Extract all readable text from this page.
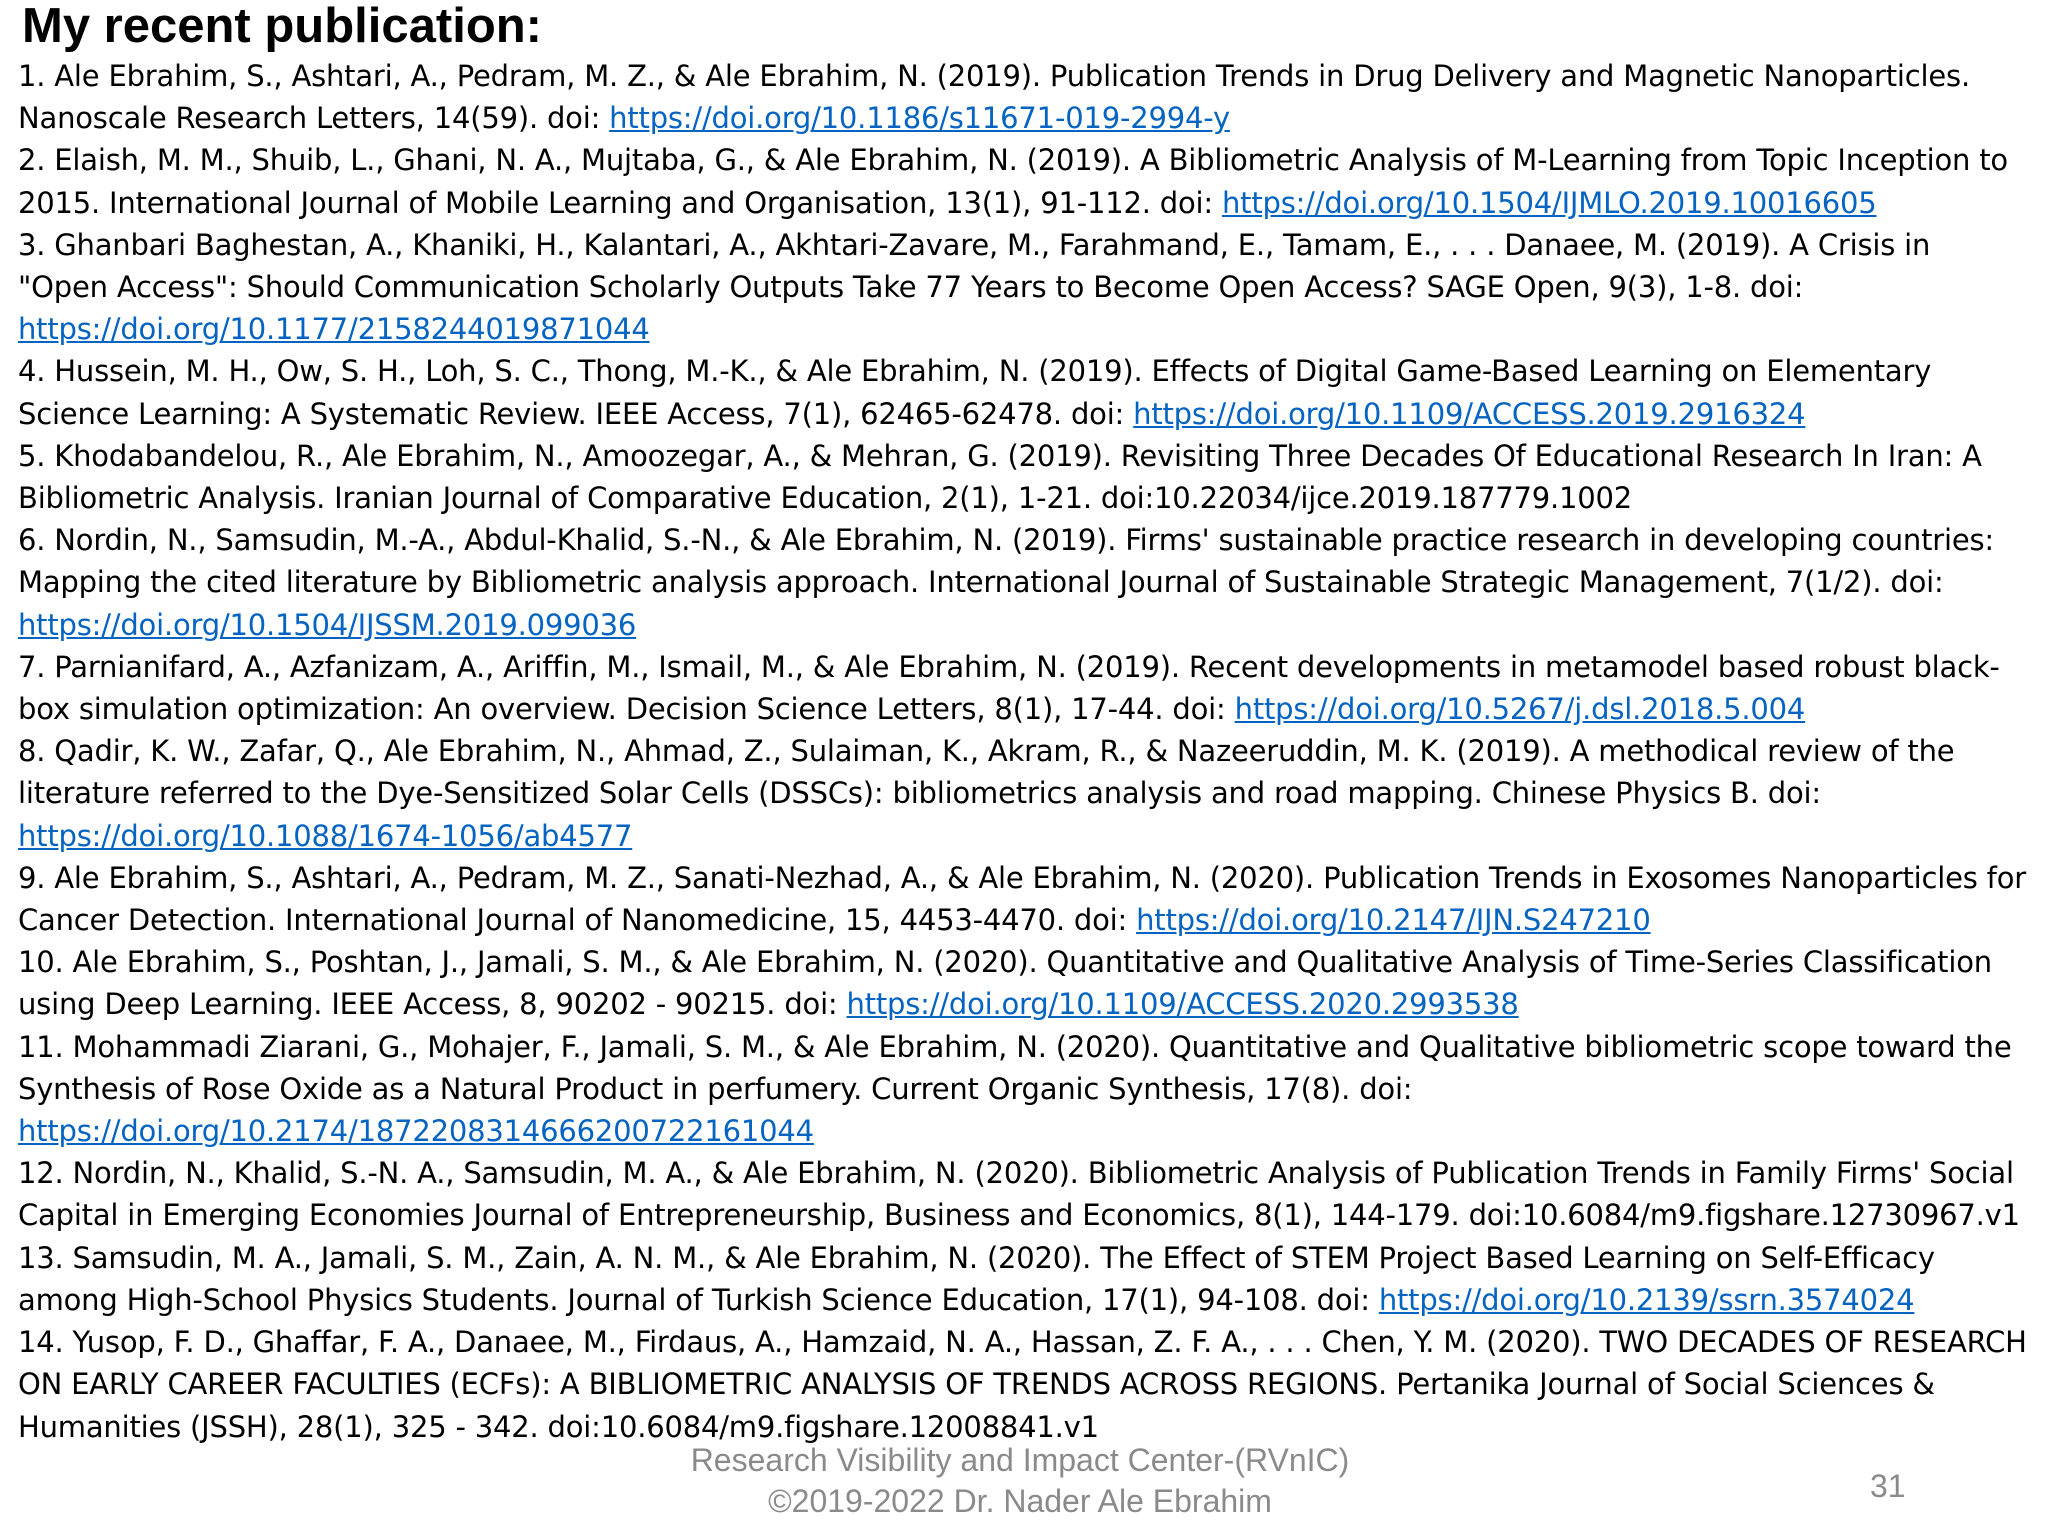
My recent publication:
1. Ale Ebrahim, S., Ashtari, A., Pedram, M. Z., & Ale Ebrahim, N. (2019). Publication Trends in Drug Delivery and Magnetic Nanoparticles. Nanoscale Research Letters, 14(59). doi: https://doi.org/10.1186/s11671-019-2994-y
2. Elaish, M. M., Shuib, L., Ghani, N. A., Mujtaba, G., & Ale Ebrahim, N. (2019). A Bibliometric Analysis of M-Learning from Topic Inception to 2015. International Journal of Mobile Learning and Organisation, 13(1), 91-112. doi: https://doi.org/10.1504/IJMLO.2019.10016605
3. Ghanbari Baghestan, A., Khaniki, H., Kalantari, A., Akhtari-Zavare, M., Farahmand, E., Tamam, E., . . . Danaee, M. (2019). A Crisis in "Open Access": Should Communication Scholarly Outputs Take 77 Years to Become Open Access? SAGE Open, 9(3), 1-8. doi: https://doi.org/10.1177/2158244019871044
4. Hussein, M. H., Ow, S. H., Loh, S. C., Thong, M.-K., & Ale Ebrahim, N. (2019). Effects of Digital Game-Based Learning on Elementary Science Learning: A Systematic Review. IEEE Access, 7(1), 62465-62478. doi: https://doi.org/10.1109/ACCESS.2019.2916324
5. Khodabandelou, R., Ale Ebrahim, N., Amoozegar, A., & Mehran, G. (2019). Revisiting Three Decades Of Educational Research In Iran: A Bibliometric Analysis. Iranian Journal of Comparative Education, 2(1), 1-21. doi:10.22034/ijce.2019.187779.1002
6. Nordin, N., Samsudin, M.-A., Abdul-Khalid, S.-N., & Ale Ebrahim, N. (2019). Firms' sustainable practice research in developing countries: Mapping the cited literature by Bibliometric analysis approach. International Journal of Sustainable Strategic Management, 7(1/2). doi: https://doi.org/10.1504/IJSSM.2019.099036
7. Parnianifard, A., Azfanizam, A., Ariffin, M., Ismail, M., & Ale Ebrahim, N. (2019). Recent developments in metamodel based robust black-box simulation optimization: An overview. Decision Science Letters, 8(1), 17-44. doi: https://doi.org/10.5267/j.dsl.2018.5.004
8. Qadir, K. W., Zafar, Q., Ale Ebrahim, N., Ahmad, Z., Sulaiman, K., Akram, R., & Nazeeruddin, M. K. (2019). A methodical review of the literature referred to the Dye-Sensitized Solar Cells (DSSCs): bibliometrics analysis and road mapping. Chinese Physics B. doi: https://doi.org/10.1088/1674-1056/ab4577
9. Ale Ebrahim, S., Ashtari, A., Pedram, M. Z., Sanati-Nezhad, A., & Ale Ebrahim, N. (2020). Publication Trends in Exosomes Nanoparticles for Cancer Detection. International Journal of Nanomedicine, 15, 4453-4470. doi: https://doi.org/10.2147/IJN.S247210
10. Ale Ebrahim, S., Poshtan, J., Jamali, S. M., & Ale Ebrahim, N. (2020). Quantitative and Qualitative Analysis of Time-Series Classification using Deep Learning. IEEE Access, 8, 90202 - 90215. doi: https://doi.org/10.1109/ACCESS.2020.2993538
11. Mohammadi Ziarani, G., Mohajer, F., Jamali, S. M., & Ale Ebrahim, N. (2020). Quantitative and Qualitative bibliometric scope toward the Synthesis of Rose Oxide as a Natural Product in perfumery. Current Organic Synthesis, 17(8). doi: https://doi.org/10.2174/1872208314666200722161044
12. Nordin, N., Khalid, S.-N. A., Samsudin, M. A., & Ale Ebrahim, N. (2020). Bibliometric Analysis of Publication Trends in Family Firms' Social Capital in Emerging Economies Journal of Entrepreneurship, Business and Economics, 8(1), 144-179. doi:10.6084/m9.figshare.12730967.v1
13. Samsudin, M. A., Jamali, S. M., Zain, A. N. M., & Ale Ebrahim, N. (2020). The Effect of STEM Project Based Learning on Self-Efficacy among High-School Physics Students. Journal of Turkish Science Education, 17(1), 94-108. doi: https://doi.org/10.2139/ssrn.3574024
14. Yusop, F. D., Ghaffar, F. A., Danaee, M., Firdaus, A., Hamzaid, N. A., Hassan, Z. F. A., . . . Chen, Y. M. (2020). TWO DECADES OF RESEARCH ON EARLY CAREER FACULTIES (ECFs): A BIBLIOMETRIC ANALYSIS OF TRENDS ACROSS REGIONS. Pertanika Journal of Social Sciences & Humanities (JSSH), 28(1), 325 - 342. doi:10.6084/m9.figshare.12008841.v1
Research Visibility and Impact Center-(RVnIC)
©2019-2022 Dr. Nader Ale Ebrahim	31
